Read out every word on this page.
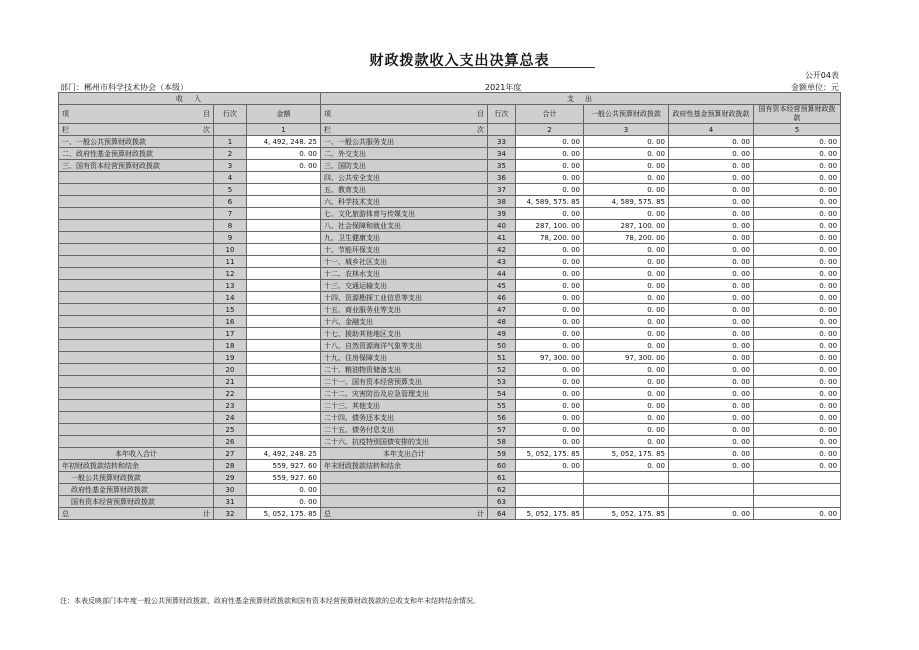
财政拨款收入支出决算总表
公开04表
部门：郴州市科学技术协会（本级）	2021年度	金额单位：元
收　入			支　出					

项 目	行次	金额	项 目	行次	合计	一般公共预算财政拨款	政府性基金预算财政拨款	国有资本经营预算财政拨款

栏 次		1	栏 次		2	3	4	5
一、一般公共预算财政拨款	1	4, 492, 248. 25	一、一般公共服务支出	33	0. 00	0. 00	0. 00	0. 00
二、政府性基金预算财政拨款	2	0. 00	二、外交支出	34	0. 00	0. 00	0. 00	0. 00
三、国有资本经营预算财政拨款	3	0. 00	三、国防支出	35	0. 00	0. 00	0. 00	0. 00
	4		四、公共安全支出	36	0. 00	0. 00	0. 00	0. 00
	5		五、教育支出	37	0. 00	0. 00	0. 00	0. 00
	6		六、科学技术支出	38	4, 589, 575. 85	4, 589, 575. 85	0. 00	0. 00
	7		七、文化旅游体育与传媒支出	39	0. 00	0. 00	0. 00	0. 00
	8		八、社会保障和就业支出	40	287, 100. 00	287, 100. 00	0. 00	0. 00
	9		九、卫生健康支出	41	78, 200. 00	78, 200. 00	0. 00	0. 00
	10		十、节能环保支出	42	0. 00	0. 00	0. 00	0. 00
	11		十一、城乡社区支出	43	0. 00	0. 00	0. 00	0. 00
	12		十二、农林水支出	44	0. 00	0. 00	0. 00	0. 00
	13		十三、交通运输支出	45	0. 00	0. 00	0. 00	0. 00
	14		十四、资源勘探工业信息等支出	46	0. 00	0. 00	0. 00	0. 00
	15		十五、商业服务业等支出	47	0. 00	0. 00	0. 00	0. 00
	16		十六、金融支出	48	0. 00	0. 00	0. 00	0. 00
	17		十七、援助其他地区支出	49	0. 00	0. 00	0. 00	0. 00
	18		十八、自然资源海洋气象等支出	50	0. 00	0. 00	0. 00	0. 00
	19		十九、住房保障支出	51	97, 300. 00	97, 300. 00	0. 00	0. 00
	20		二十、粮油物资储备支出	52	0. 00	0. 00	0. 00	0. 00
	21		二十一、国有资本经营预算支出	53	0. 00	0. 00	0. 00	0. 00
	22		二十二、灾害防治及应急管理支出	54	0. 00	0. 00	0. 00	0. 00
	23		二十三、其他支出	55	0. 00	0. 00	0. 00	0. 00
	24		二十四、债务还本支出	56	0. 00	0. 00	0. 00	0. 00
	25		二十五、债务付息支出	57	0. 00	0. 00	0. 00	0. 00
	26		二十六、抗疫特别国债安排的支出	58	0. 00	0. 00	0. 00	0. 00
本年收入合计	27	4, 492, 248. 25	本年支出合计	59	5, 052, 175. 85	5, 052, 175. 85	0. 00	0. 00
年初财政拨款结转和结余	28	559, 927. 60	年末财政拨款结转和结余	60	0. 00	0. 00	0. 00	0. 00
一般公共预算财政拨款	29	559, 927. 60		61				
政府性基金预算财政拨款	30	0. 00		62				
国有资本经营预算财政拨款	31	0. 00		63				

总 计	32	5, 052, 175. 85	总 计	64	5, 052, 175. 85	5, 052, 175. 85	0. 00	0. 00
注：本表反映部门本年度一般公共预算财政拨款、政府性基金预算财政拨款和国有资本经营预算财政拨款的总收支和年末结转结余情况。
